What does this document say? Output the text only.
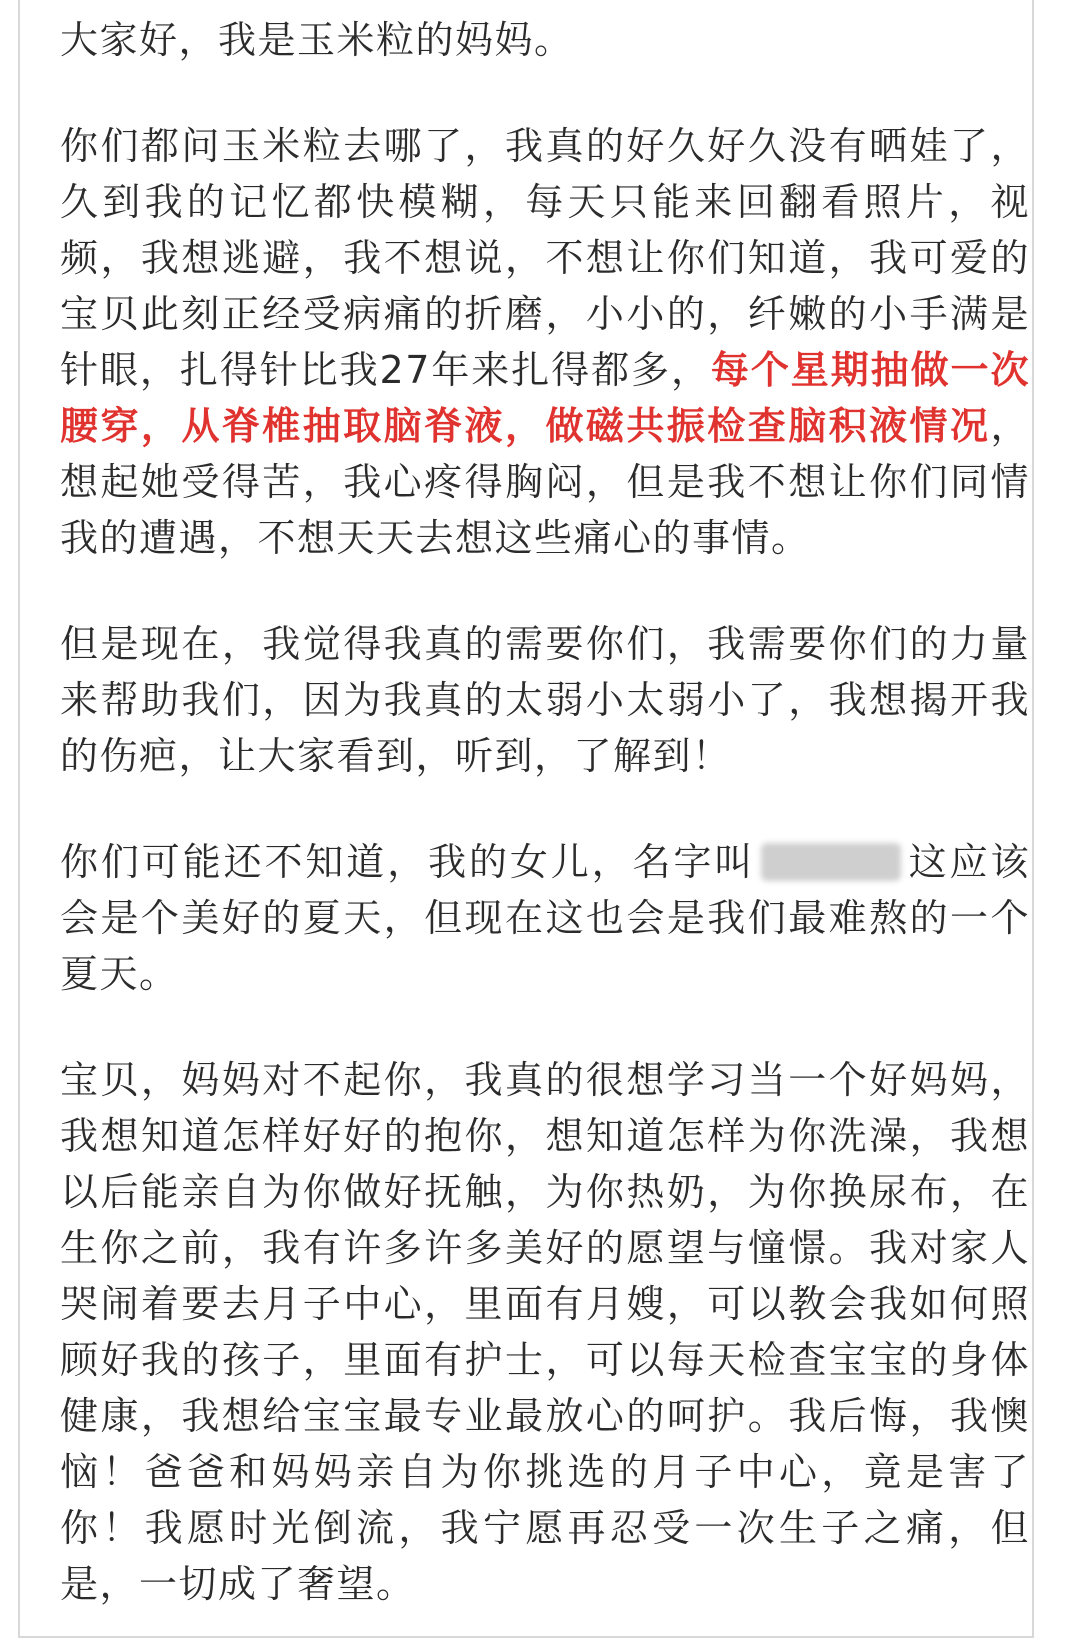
大家好，我是玉米粒的妈妈。

你们都问玉米粒去哪了，我真的好久好久没有晒娃了，久到我的记忆都快模糊，每天只能来回翻看照片，视频，我想逃避，我不想说，不想让你们知道，我可爱的宝贝此刻正经受病痛的折磨，小小的，纤嫩的小手满是针眼，扎得针比我27年来扎得都多，每个星期抽做一次腰穿，从脊椎抽取脑脊液，做磁共振检查脑积液情况，想起她受得苦，我心疼得胸闷，但是我不想让你们同情我的遭遇，不想天天去想这些痛心的事情。

但是现在，我觉得我真的需要你们，我需要你们的力量来帮助我们，因为我真的太弱小太弱小了，我想揭开我的伤疤，让大家看到，听到，了解到！

你们可能还不知道，我的女儿，名字叫	这应该会是个美好的夏天，但现在这也会是我们最难熬的一个夏天。

宝贝，妈妈对不起你，我真的很想学习当一个好妈妈，我想知道怎样好好的抱你，想知道怎样为你洗澡，我想以后能亲自为你做好抚触，为你热奶，为你换尿布，在生你之前，我有许多许多美好的愿望与憧憬。我对家人哭闹着要去月子中心，里面有月嫂，可以教会我如何照顾好我的孩子，里面有护士，可以每天检查宝宝的身体健康，我想给宝宝最专业最放心的呵护。我后悔，我懊恼！爸爸和妈妈亲自为你挑选的月子中心，竟是害了你！我愿时光倒流，我宁愿再忍受一次生子之痛，但是，一切成了奢望。
